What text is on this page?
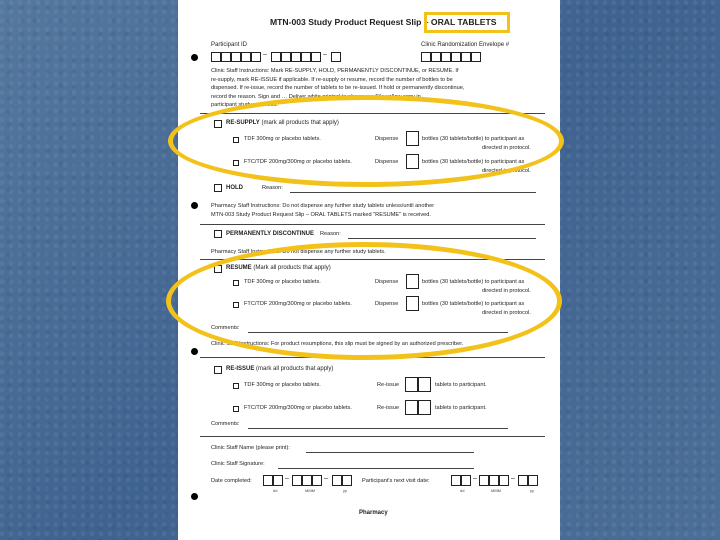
MTN-003 Study Product Request Slip – ORAL TABLETS
Participant ID	Clinic Randomization Envelope #
–	–
Clinic Staff Instructions: Mark RE-SUPPLY, HOLD, PERMANENTLY DISCONTINUE, or RESUME. If
re-supply, mark RE-ISSUE if applicable. If re-supply or resume, record the number of bottles to be
dispensed. If re-issue, record the number of tablets to be re-issued. If hold or permanently discontinue,
record the reason. Sign and … Deliver white original to pharmacy. File yellow copy in
participant study notebook.
RE-SUPPLY (mark all products that apply)
TDF 300mg or placebo tablets.	Dispense	bottles (30 tablets/bottle) to participant as
directed in protocol.
FTC/TDF 200mg/300mg or placebo tablets.	Dispense	bottles (30 tablets/bottle) to participant as
directed in protocol.
HOLD	Reason:
Pharmacy Staff Instructions: Do not dispense any further study tablets unless/until another
MTN-003 Study Product Request Slip – ORAL TABLETS marked "RESUME" is received.
PERMANENTLY DISCONTINUE Reason:
Pharmacy Staff Instructions: Do not dispense any further study tablets.
RESUME (Mark all products that apply)
TDF 300mg or placebo tablets.	Dispense	bottles (30 tablets/bottle) to participant as
directed in protocol.
FTC/TDF 200mg/300mg or placebo tablets.	Dispense	bottles (30 tablets/bottle) to participant as
directed in protocol.
Comments:
Clinic Staff Instructions: For product resumptions, this slip must be signed by an authorized prescriber.
RE-ISSUE (mark all products that apply)
TDF 300mg or placebo tablets.	Re-issue	tablets to participant.
FTC/TDF 200mg/300mg or placebo tablets.	Re-issue	tablets to participant.
Comments:
Clinic Staff Name (please print):
Clinic Staff Signature:
Date completed:	–	–
dd	MMM	yy
Participant's next visit date:	–	–
dd	MMM	yy
Pharmacy
